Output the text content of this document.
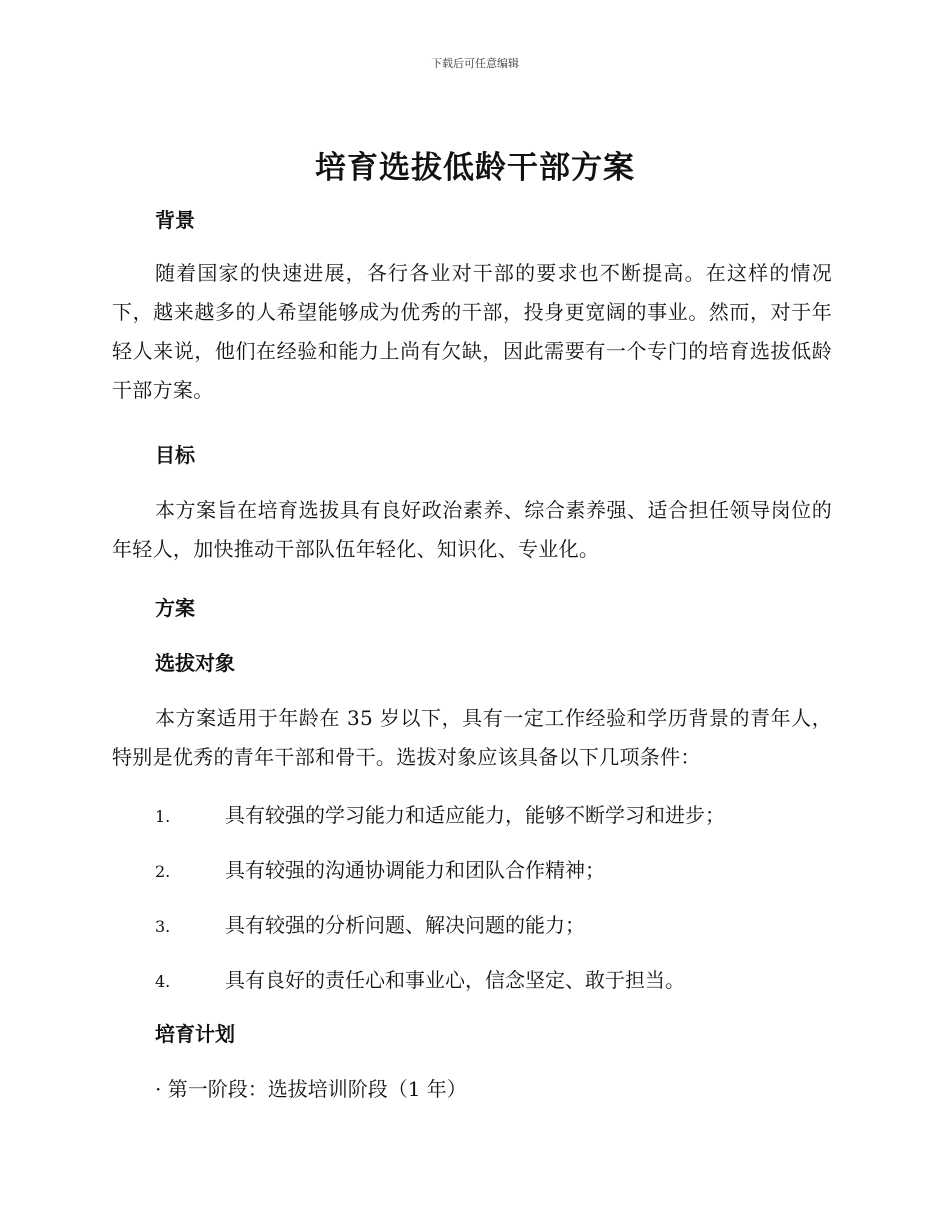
下载后可任意编辑
培育选拔低龄干部方案
背景

随着国家的快速进展，各行各业对干部的要求也不断提高。在这样的情况下，越来越多的人希望能够成为优秀的干部，投身更宽阔的事业。然而，对于年轻人来说，他们在经验和能力上尚有欠缺，因此需要有一个专门的培育选拔低龄干部方案。

目标

本方案旨在培育选拔具有良好政治素养、综合素养强、适合担任领导岗位的年轻人，加快推动干部队伍年轻化、知识化、专业化。

方案
选拔对象

本方案适用于年龄在 35 岁以下，具有一定工作经验和学历背景的青年人，特别是优秀的青年干部和骨干。选拔对象应该具备以下几项条件：

1.	具有较强的学习能力和适应能力，能够不断学习和进步；
2.	具有较强的沟通协调能力和团队合作精神；
3.	具有较强的分析问题、解决问题的能力；
4.	具有良好的责任心和事业心，信念坚定、敢于担当。
培育计划
· 第一阶段：选拔培训阶段（1 年）
